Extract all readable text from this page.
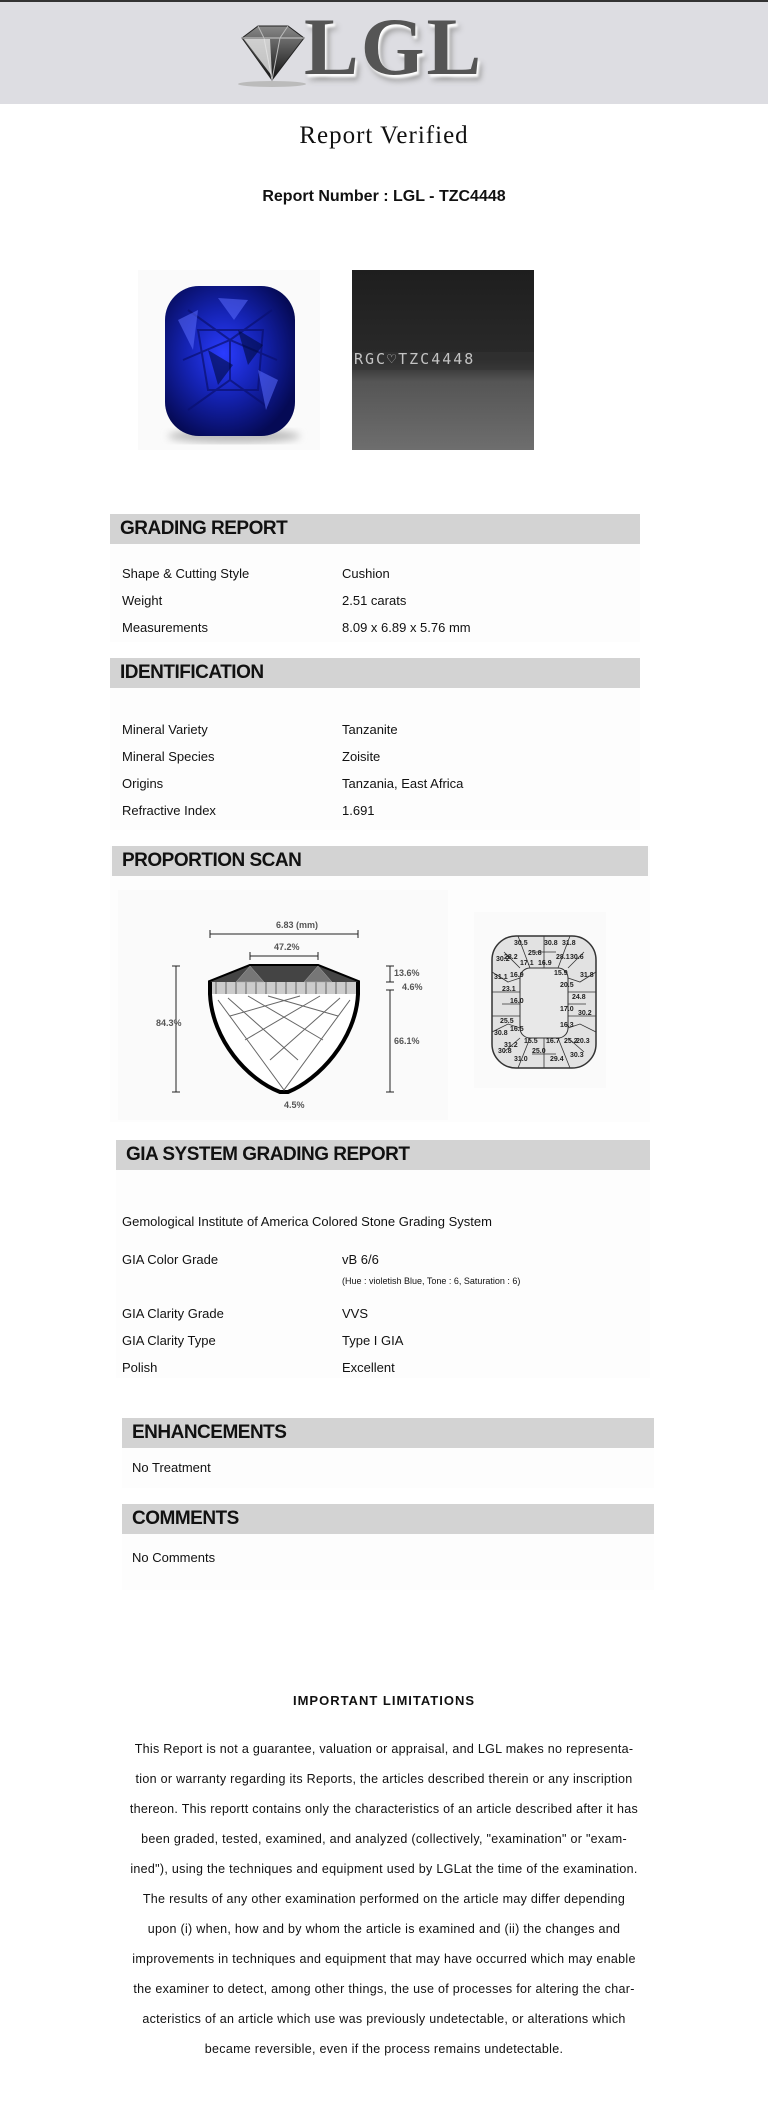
LGL
Report Verified
Report Number : LGL - TZC4448
RGC♡TZC4448
GRADING REPORT
Shape & Cutting Style	Cushion
Weight	2.51 carats
Measurements	8.09 x 6.89 x 5.76 mm
IDENTIFICATION
Mineral Variety	Tanzanite
Mineral Species	Zoisite
Origins	Tanzania, East Africa
Refractive Index	1.691
PROPORTION SCAN
6.83 (mm)
47.2%
13.6%
4.6%
84.3%
66.1%
4.5%
30.5
25.8
30.8 31.8
30.2
28.2
17.1 16.9
28.1 30.6
31.1 16.9	15.9 31.8
23.1
20.5
24.8
16.0
17.0
30.2
25.5
16.5
16.3
30.8
15.5 16.7 25.2
20.3
31.2
25.0
29.4
30.3
30.8
31.0
GIA SYSTEM GRADING REPORT
Gemological Institute of America Colored Stone Grading System
GIA Color Grade	vB 6/6
(Hue : violetish Blue, Tone : 6, Saturation : 6)
GIA Clarity Grade	VVS
GIA Clarity Type	Type I GIA
Polish	Excellent
ENHANCEMENTS
No Treatment
COMMENTS
No Comments
IMPORTANT LIMITATIONS
This Report is not a guarantee, valuation or appraisal, and LGL makes no representa-
tion or warranty regarding its Reports, the articles described therein or any inscription
thereon. This reportt contains only the characteristics of an article described after it has
been graded, tested, examined, and analyzed (collectively, "examination" or "exam-
ined"), using the techniques and equipment used by LGLat the time of the examination.
The results of any other examination performed on the article may differ depending
upon (i) when, how and by whom the article is examined and (ii) the changes and
improvements in techniques and equipment that may have occurred which may enable
the examiner to detect, among other things, the use of processes for altering the char-
acteristics of an article which use was previously undetectable, or alterations which
became reversible, even if the process remains undetectable.
